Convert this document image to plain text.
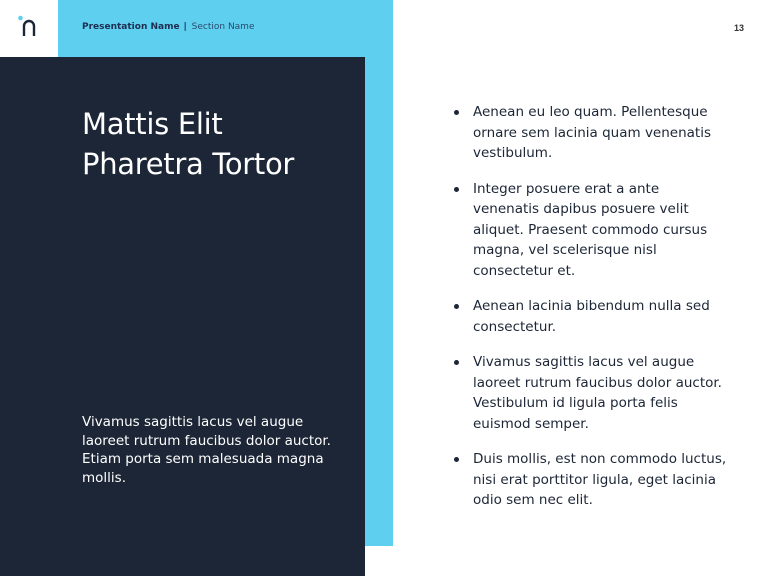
Presentation Name | Section Name	13
Mattis Elit
Pharetra Tortor
Vivamus sagittis lacus vel augue laoreet rutrum faucibus dolor auctor. Etiam porta sem malesuada magna mollis.
Aenean eu leo quam. Pellentesque ornare sem lacinia quam venenatis vestibulum.
Integer posuere erat a ante venenatis dapibus posuere velit aliquet. Praesent commodo cursus magna, vel scelerisque nisl consectetur et.
Aenean lacinia bibendum nulla sed consectetur.
Vivamus sagittis lacus vel augue laoreet rutrum faucibus dolor auctor. Vestibulum id ligula porta felis euismod semper.
Duis mollis, est non commodo luctus, nisi erat porttitor ligula, eget lacinia odio sem nec elit.
